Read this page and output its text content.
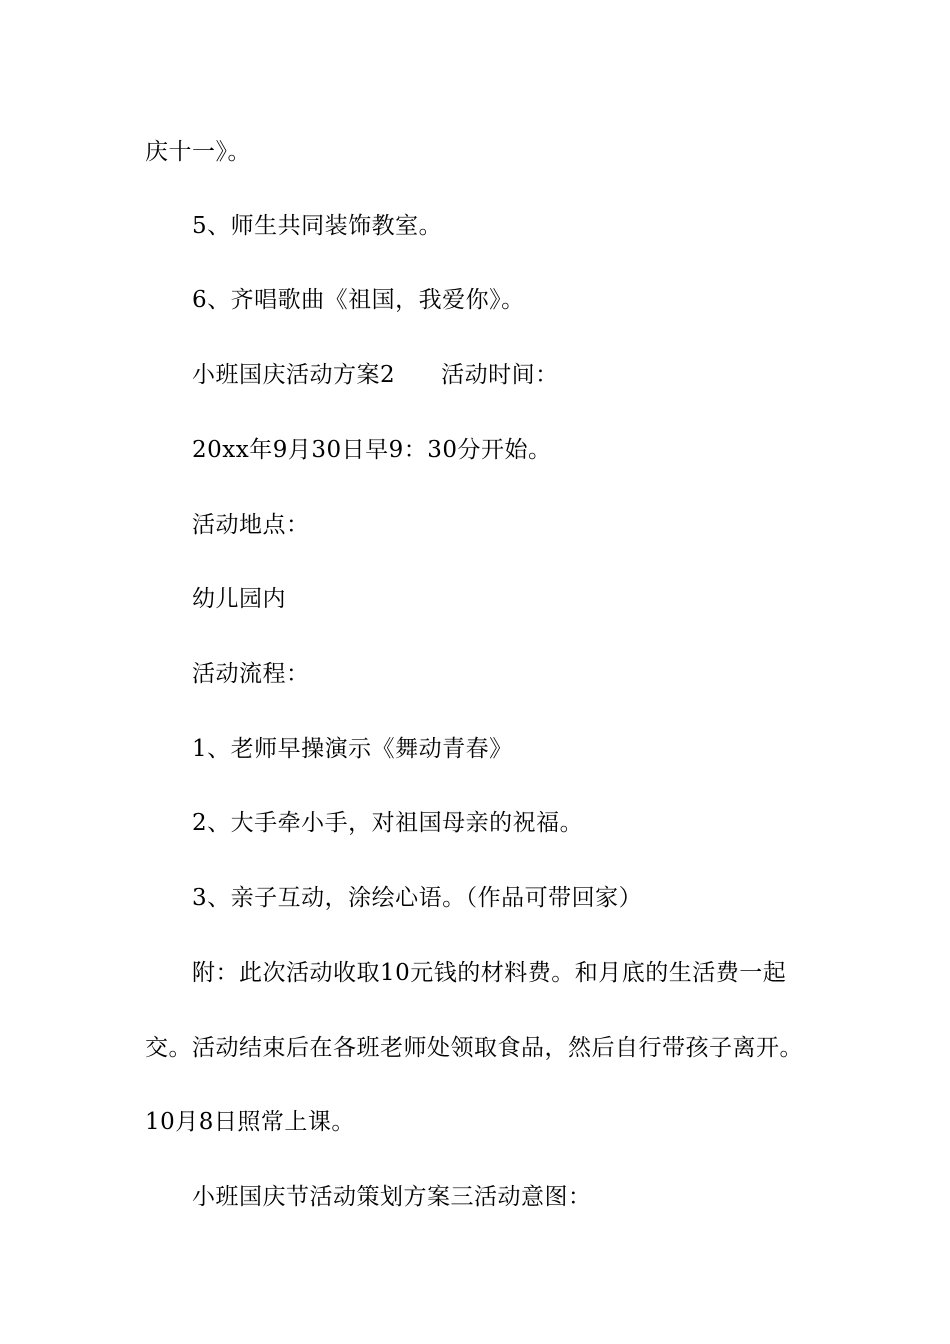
庆十一》。
5、师生共同装饰教室。
6、齐唱歌曲《祖国，我爱你》。
小班国庆活动方案2 活动时间：
20xx年9月30日早9：30分开始。
活动地点：
幼儿园内
活动流程：
1、老师早操演示《舞动青春》
2、大手牵小手，对祖国母亲的祝福。
3、亲子互动，涂绘心语。（作品可带回家）
附：此次活动收取10元钱的材料费。和月底的生活费一起
交。活动结束后在各班老师处领取食品，然后自行带孩子离开。
10月8日照常上课。
小班国庆节活动策划方案三活动意图：
